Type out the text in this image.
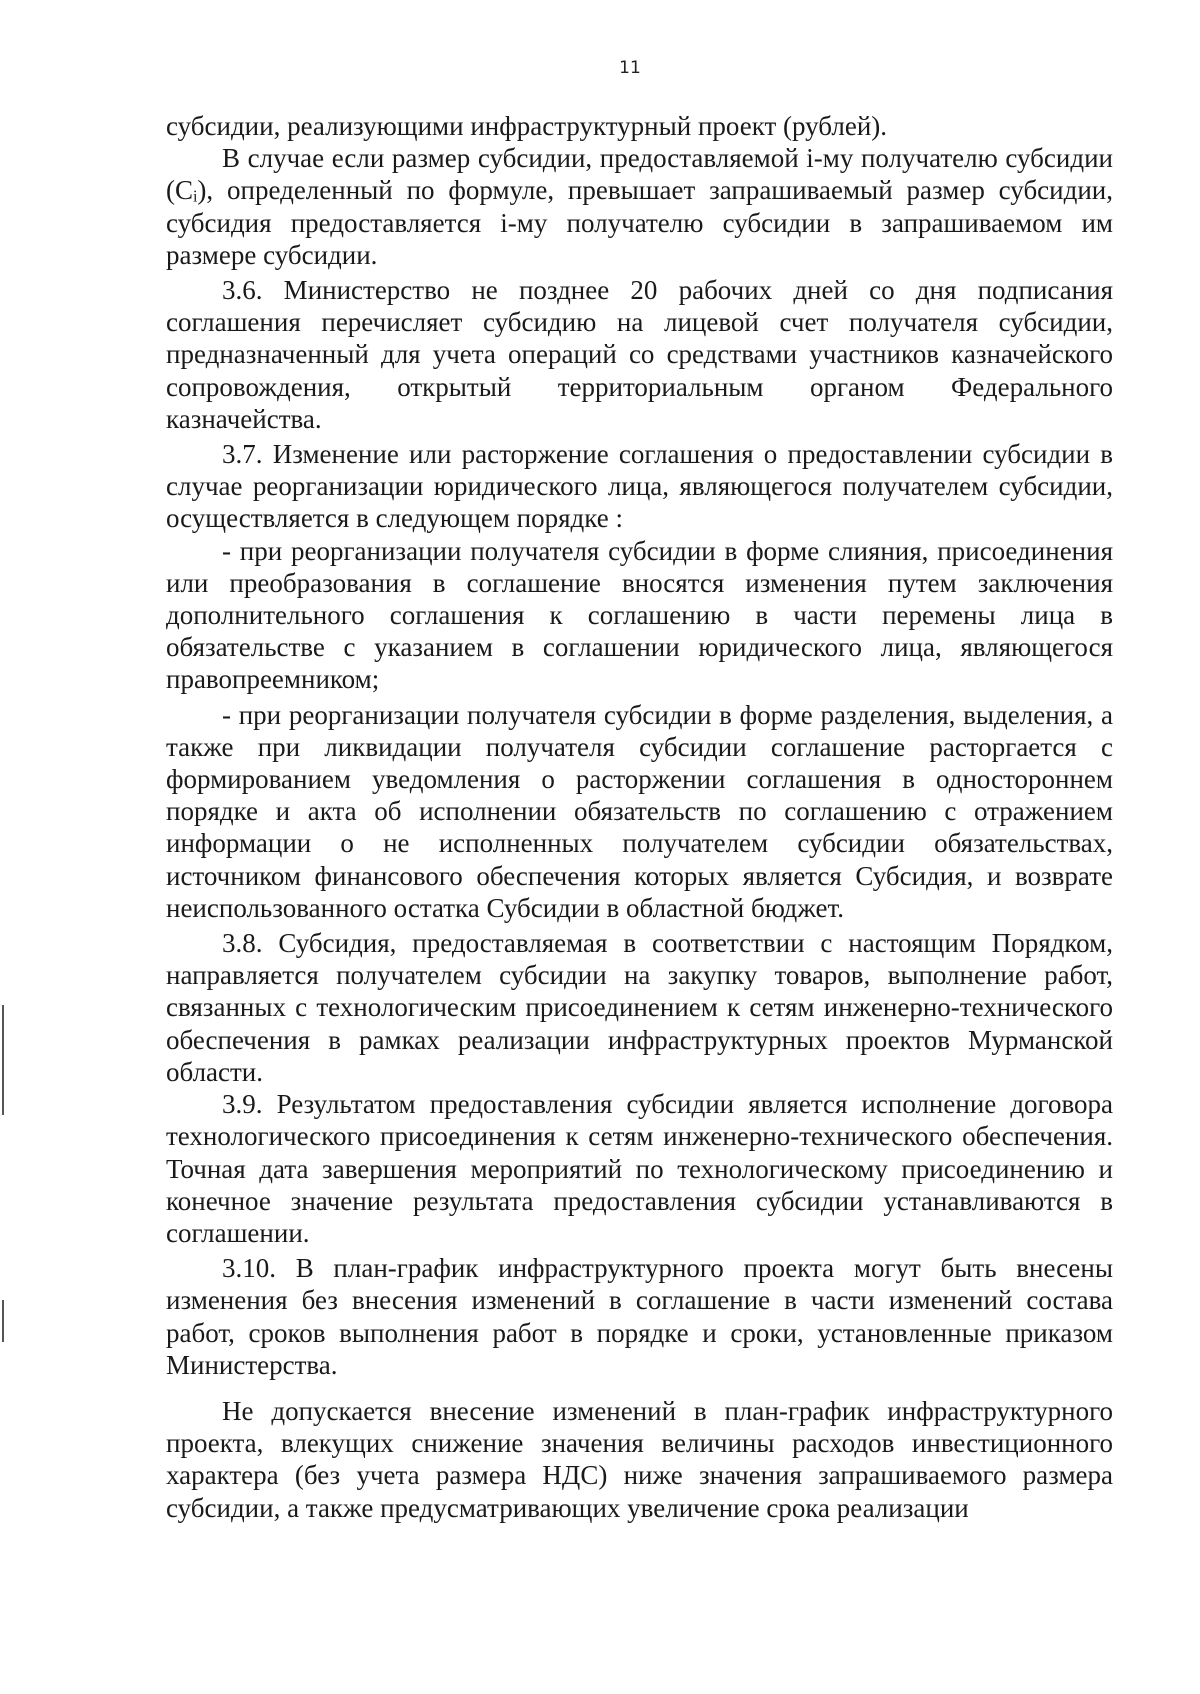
11

субсидии, реализующими инфраструктурный проект (рублей).

В случае если размер субсидии, предоставляемой i-му получателю субсидии (Cᵢ), определенный по формуле, превышает запрашиваемый размер субсидии, субсидия предоставляется i-му получателю субсидии в запрашиваемом им размере субсидии.

3.6. Министерство не позднее 20 рабочих дней со дня подписания соглашения перечисляет субсидию на лицевой счет получателя субсидии, предназначенный для учета операций со средствами участников казначейского сопровождения, открытый территориальным органом Федерального казначейства.

3.7. Изменение или расторжение соглашения о предоставлении субсидии в случае реорганизации юридического лица, являющегося получателем субсидии, осуществляется в следующем порядке :

- при реорганизации получателя субсидии в форме слияния, присоединения или преобразования в соглашение вносятся изменения путем заключения дополнительного соглашения к соглашению в части перемены лица в обязательстве с указанием в соглашении юридического лица, являющегося правопреемником;

- при реорганизации получателя субсидии в форме разделения, выделения, а также при ликвидации получателя субсидии соглашение расторгается с формированием уведомления о расторжении соглашения в одностороннем порядке и акта об исполнении обязательств по соглашению с отражением информации о не исполненных получателем субсидии обязательствах, источником финансового обеспечения которых является Субсидия, и возврате неиспользованного остатка Субсидии в областной бюджет.

3.8. Субсидия, предоставляемая в соответствии с настоящим Порядком, направляется получателем субсидии на закупку товаров, выполнение работ, связанных с технологическим присоединением к сетям инженерно-технического обеспечения в рамках реализации инфраструктурных проектов Мурманской области.

3.9. Результатом предоставления субсидии является исполнение договора технологического присоединения к сетям инженерно-технического обеспечения. Точная дата завершения мероприятий по технологическому присоединению и конечное значение результата предоставления субсидии устанавливаются в соглашении.

3.10. В план-график инфраструктурного проекта могут быть внесены изменения без внесения изменений в соглашение в части изменений состава работ, сроков выполнения работ в порядке и сроки, установленные приказом Министерства.

Не допускается внесение изменений в план-график инфраструктурного проекта, влекущих снижение значения величины расходов инвестиционного характера (без учета размера НДС) ниже значения запрашиваемого размера субсидии, а также предусматривающих увеличение срока реализации
